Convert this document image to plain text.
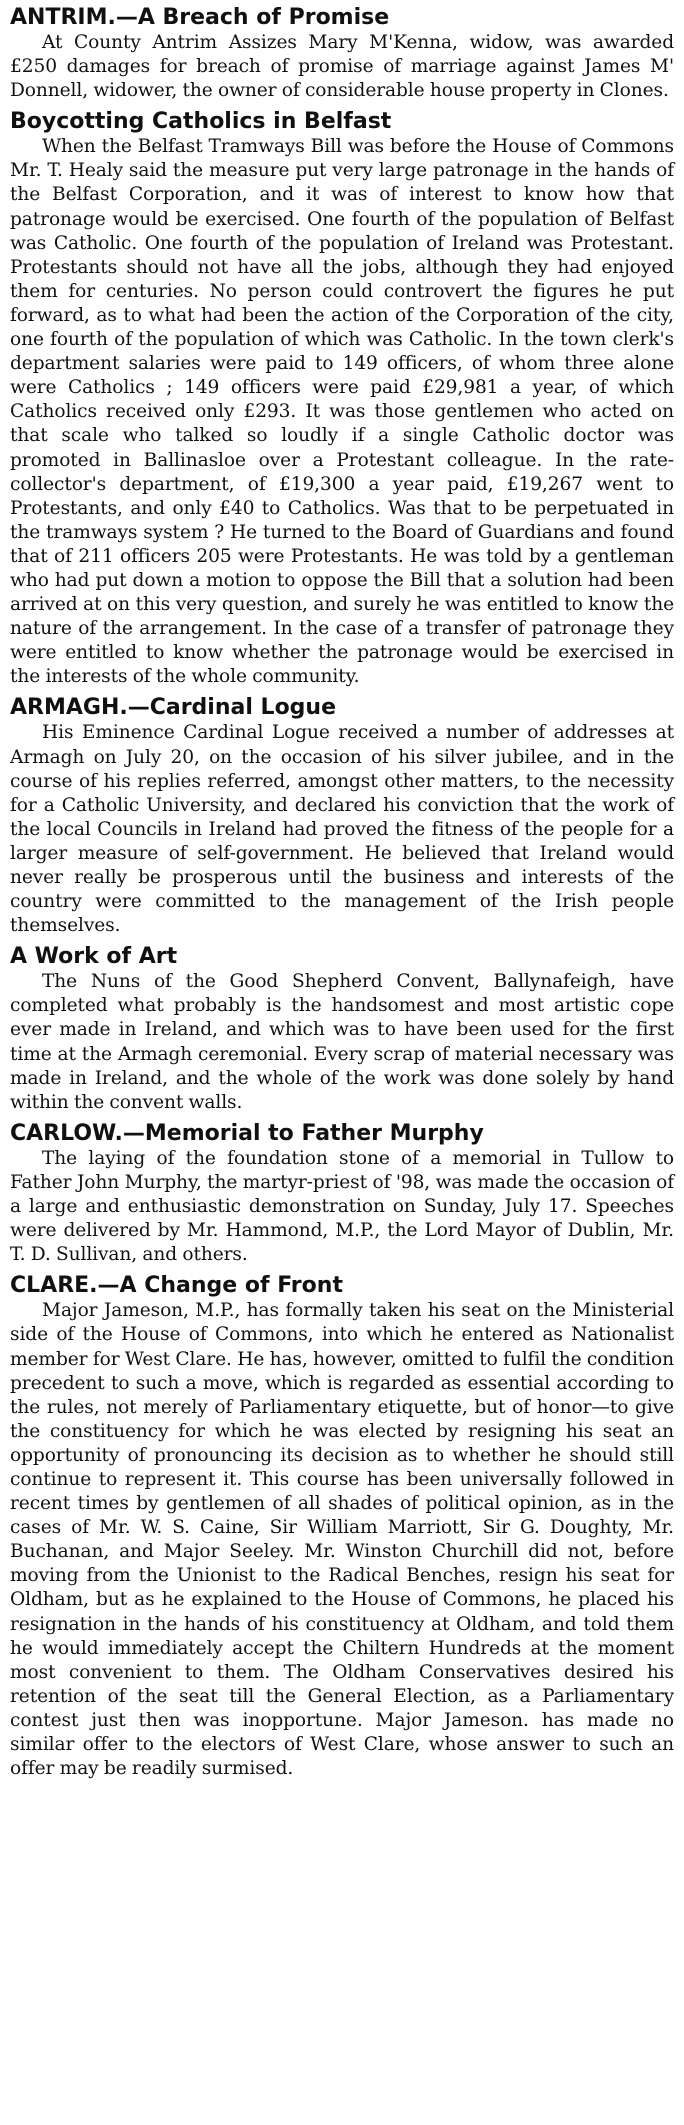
ANTRIM.—A Breach of Promise

At County Antrim Assizes Mary M'Kenna, widow, was awarded £250 damages for breach of promise of marriage against James M' Donnell, widower, the owner of considerable house property in Clones.

Boycotting Catholics in Belfast

When the Belfast Tramways Bill was before the House of Commons Mr. T. Healy said the measure put very large patronage in the hands of the Belfast Corporation, and it was of interest to know how that patronage would be exercised. One fourth of the population of Belfast was Catholic. One fourth of the population of Ireland was Protestant. Protestants should not have all the jobs, although they had enjoyed them for centuries. No person could controvert the figures he put forward, as to what had been the action of the Corporation of the city, one fourth of the population of which was Catholic. In the town clerk's department salaries were paid to 149 officers, of whom three alone were Catholics ; 149 officers were paid £29,981 a year, of which Catholics received only £293. It was those gentlemen who acted on that scale who talked so loudly if a single Catholic doctor was promoted in Ballinasloe over a Protestant colleague. In the rate-collector's department, of £19,300 a year paid, £19,267 went to Protestants, and only £40 to Catholics. Was that to be perpetuated in the tramways system ? He turned to the Board of Guardians and found that of 211 officers 205 were Protestants. He was told by a gentleman who had put down a motion to oppose the Bill that a solution had been arrived at on this very question, and surely he was entitled to know the nature of the arrangement. In the case of a transfer of patronage they were entitled to know whether the patronage would be exercised in the interests of the whole community.

ARMAGH.—Cardinal Logue

His Eminence Cardinal Logue received a number of addresses at Armagh on July 20, on the occasion of his silver jubilee, and in the course of his replies referred, amongst other matters, to the necessity for a Catholic University, and declared his conviction that the work of the local Councils in Ireland had proved the fitness of the people for a larger measure of self-government. He believed that Ireland would never really be prosperous until the business and interests of the country were committed to the management of the Irish people themselves.

A Work of Art

The Nuns of the Good Shepherd Convent, Ballynafeigh, have completed what probably is the handsomest and most artistic cope ever made in Ireland, and which was to have been used for the first time at the Armagh ceremonial. Every scrap of material necessary was made in Ireland, and the whole of the work was done solely by hand within the convent walls.

CARLOW.—Memorial to Father Murphy

The laying of the foundation stone of a memorial in Tullow to Father John Murphy, the martyr-priest of '98, was made the occasion of a large and enthusiastic demonstration on Sunday, July 17. Speeches were delivered by Mr. Hammond, M.P., the Lord Mayor of Dublin, Mr. T. D. Sullivan, and others.

CLARE.—A Change of Front

Major Jameson, M.P., has formally taken his seat on the Ministerial side of the House of Commons, into which he entered as Nationalist member for West Clare. He has, however, omitted to fulfil the condition precedent to such a move, which is regarded as essential according to the rules, not merely of Parliamentary etiquette, but of honor—to give the constituency for which he was elected by resigning his seat an opportunity of pronouncing its decision as to whether he should still continue to represent it. This course has been universally followed in recent times by gentlemen of all shades of political opinion, as in the cases of Mr. W. S. Caine, Sir William Marriott, Sir G. Doughty, Mr. Buchanan, and Major Seeley. Mr. Winston Churchill did not, before moving from the Unionist to the Radical Benches, resign his seat for Oldham, but as he explained to the House of Commons, he placed his resignation in the hands of his constituency at Oldham, and told them he would immediately accept the Chiltern Hundreds at the moment most convenient to them. The Oldham Conservatives desired his retention of the seat till the General Election, as a Parliamentary contest just then was inopportune. Major Jameson. has made no similar offer to the electors of West Clare, whose answer to such an offer may be readily surmised.
